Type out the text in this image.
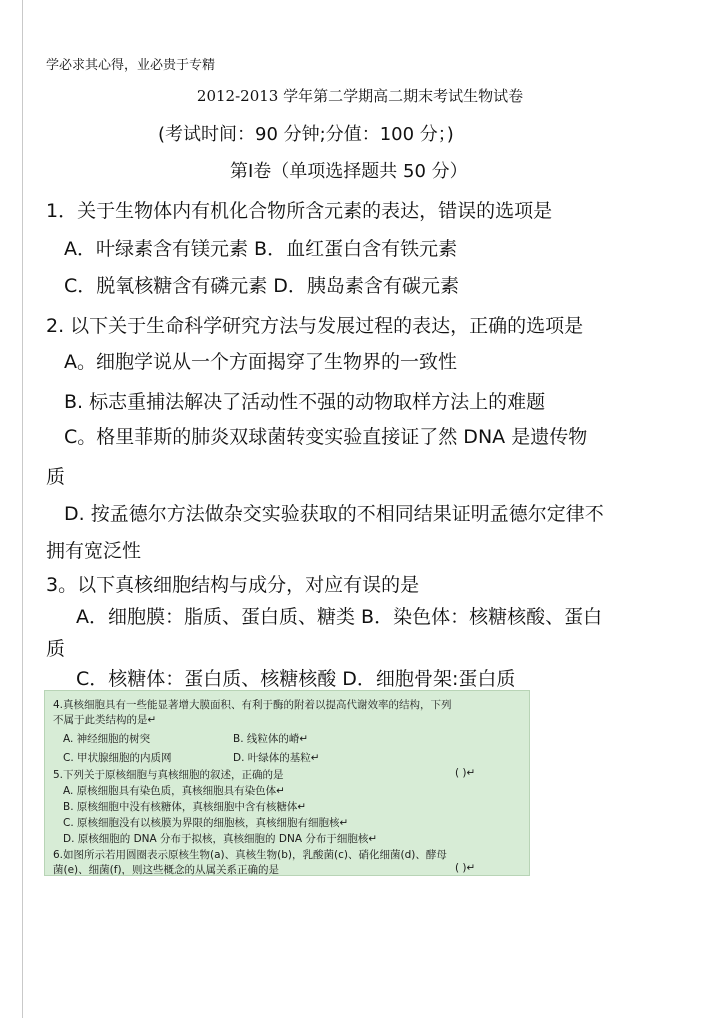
学必求其心得，业必贵于专精
2012-2013 学年第二学期高二期末考试生物试卷
(考试时间：90 分钟;分值：100 分；)
第Ⅰ卷（单项选择题共 50 分）
1．关于生物体内有机化合物所含元素的表达，错误的选项是
A．叶绿素含有镁元素 B．血红蛋白含有铁元素
C．脱氧核糖含有磷元素 D．胰岛素含有碳元素
2. 以下关于生命科学研究方法与发展过程的表达，正确的选项是
A。细胞学说从一个方面揭穿了生物界的一致性
B. 标志重捕法解决了活动性不强的动物取样方法上的难题
C。格里菲斯的肺炎双球菌转变实验直接证了然 DNA 是遗传物
质
D. 按孟德尔方法做杂交实验获取的不相同结果证明孟德尔定律不
拥有宽泛性
3。以下真核细胞结构与成分，对应有误的是
A．细胞膜：脂质、蛋白质、糖类 B．染色体：核糖核酸、蛋白
质
C．核糖体：蛋白质、核糖核酸 D．细胞骨架:蛋白质
4.真核细胞具有一些能显著增大膜面积、有利于酶的附着以提高代谢效率的结构，下列
不属于此类结构的是↵
A. 神经细胞的树突	B. 线粒体的嵴↵
C. 甲状腺细胞的内质网	D. 叶绿体的基粒↵
5.下列关于原核细胞与真核细胞的叙述，正确的是	( )↵
A. 原核细胞具有染色质，真核细胞具有染色体↵
B. 原核细胞中没有核糖体，真核细胞中含有核糖体↵
C. 原核细胞没有以核膜为界限的细胞核，真核细胞有细胞核↵
D. 原核细胞的 DNA 分布于拟核，真核细胞的 DNA 分布于细胞核↵
6.如图所示若用圆圈表示原核生物(a)、真核生物(b)，乳酸菌(c)、硝化细菌(d)、酵母
菌(e)、细菌(f)，则这些概念的从属关系正确的是	( )↵
